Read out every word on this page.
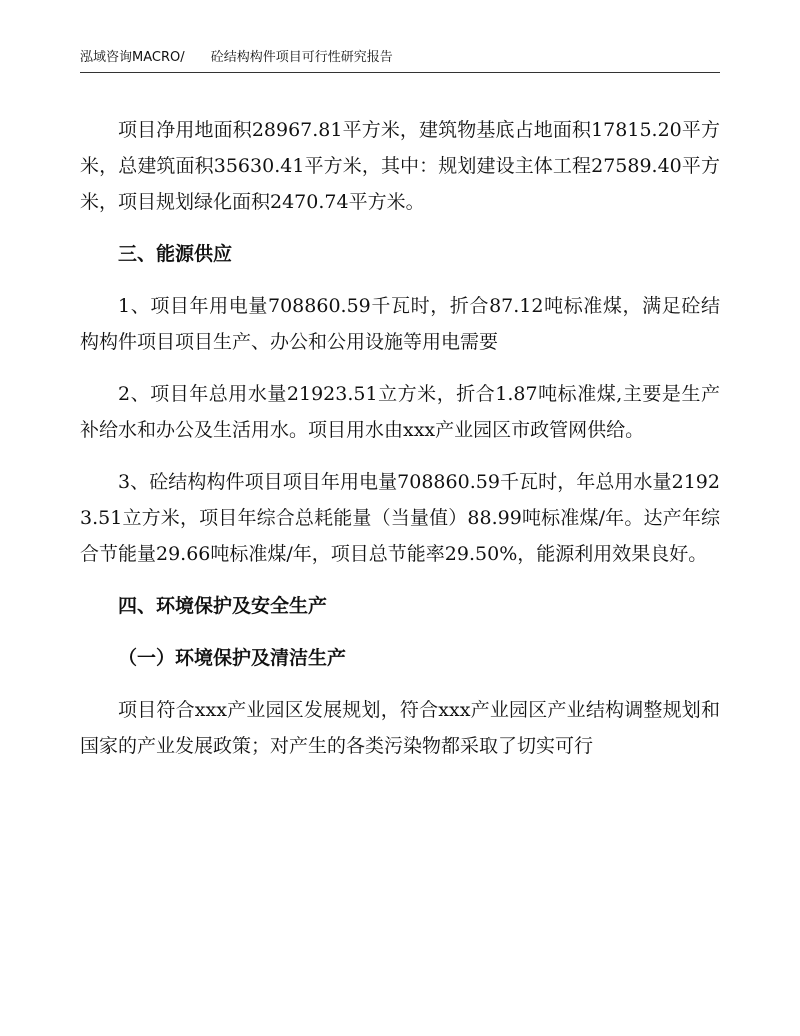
泓域咨询MACRO/ 砼结构构件项目可行性研究报告

项目净用地面积28967.81平方米，建筑物基底占地面积17815.20平方米，总建筑面积35630.41平方米，其中：规划建设主体工程27589.40平方米，项目规划绿化面积2470.74平方米。

三、能源供应

1、项目年用电量708860.59千瓦时，折合87.12吨标准煤，满足砼结构构件项目项目生产、办公和公用设施等用电需要

2、项目年总用水量21923.51立方米，折合1.87吨标准煤,主要是生产补给水和办公及生活用水。项目用水由xxx产业园区市政管网供给。

3、砼结构构件项目项目年用电量708860.59千瓦时，年总用水量21923.51立方米，项目年综合总耗能量（当量值）88.99吨标准煤/年。达产年综合节能量29.66吨标准煤/年，项目总节能率29.50%，能源利用效果良好。

四、环境保护及安全生产
（一）环境保护及清洁生产

项目符合xxx产业园区发展规划，符合xxx产业园区产业结构调整规划和国家的产业发展政策；对产生的各类污染物都采取了切实可行
